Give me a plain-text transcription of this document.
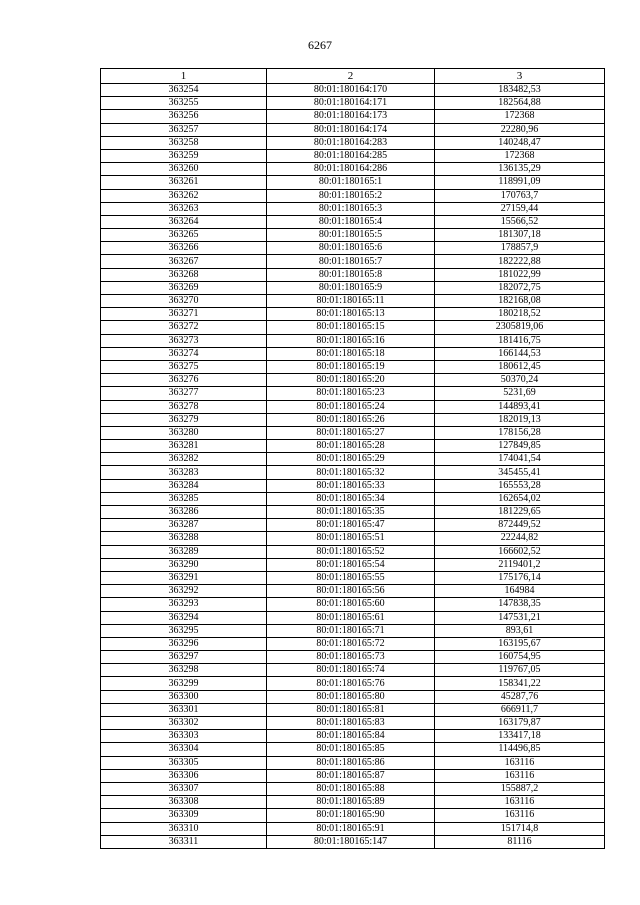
6267
1	2	3
363254	80:01:180164:170	183482,53
363255	80:01:180164:171	182564,88
363256	80:01:180164:173	172368
363257	80:01:180164:174	22280,96
363258	80:01:180164:283	140248,47
363259	80:01:180164:285	172368
363260	80:01:180164:286	136135,29
363261	80:01:180165:1	118991,09
363262	80:01:180165:2	170763,7
363263	80:01:180165:3	27159,44
363264	80:01:180165:4	15566,52
363265	80:01:180165:5	181307,18
363266	80:01:180165:6	178857,9
363267	80:01:180165:7	182222,88
363268	80:01:180165:8	181022,99
363269	80:01:180165:9	182072,75
363270	80:01:180165:11	182168,08
363271	80:01:180165:13	180218,52
363272	80:01:180165:15	2305819,06
363273	80:01:180165:16	181416,75
363274	80:01:180165:18	166144,53
363275	80:01:180165:19	180612,45
363276	80:01:180165:20	50370,24
363277	80:01:180165:23	5231,69
363278	80:01:180165:24	144893,41
363279	80:01:180165:26	182019,13
363280	80:01:180165:27	178156,28
363281	80:01:180165:28	127849,85
363282	80:01:180165:29	174041,54
363283	80:01:180165:32	345455,41
363284	80:01:180165:33	165553,28
363285	80:01:180165:34	162654,02
363286	80:01:180165:35	181229,65
363287	80:01:180165:47	872449,52
363288	80:01:180165:51	22244,82
363289	80:01:180165:52	166602,52
363290	80:01:180165:54	2119401,2
363291	80:01:180165:55	175176,14
363292	80:01:180165:56	164984
363293	80:01:180165:60	147838,35
363294	80:01:180165:61	147531,21
363295	80:01:180165:71	893,61
363296	80:01:180165:72	163195,67
363297	80:01:180165:73	160754,95
363298	80:01:180165:74	119767,05
363299	80:01:180165:76	158341,22
363300	80:01:180165:80	45287,76
363301	80:01:180165:81	666911,7
363302	80:01:180165:83	163179,87
363303	80:01:180165:84	133417,18
363304	80:01:180165:85	114496,85
363305	80:01:180165:86	163116
363306	80:01:180165:87	163116
363307	80:01:180165:88	155887,2
363308	80:01:180165:89	163116
363309	80:01:180165:90	163116
363310	80:01:180165:91	151714,8
363311	80:01:180165:147	81116
